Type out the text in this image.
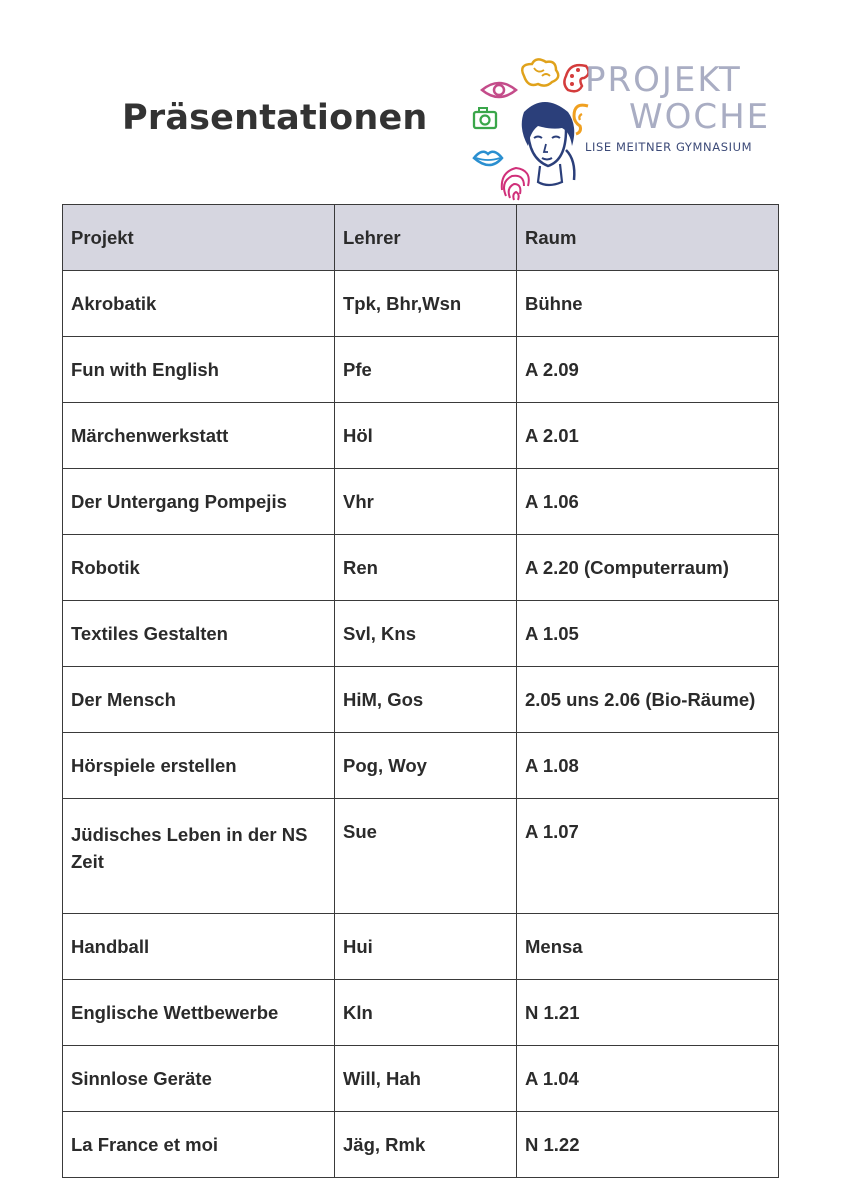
Präsentationen
PROJEKT
WOCHE
LISE MEITNER GYMNASIUM
Projekt	Lehrer	Raum
Akrobatik	Tpk, Bhr,Wsn	Bühne
Fun with English	Pfe	A 2.09
Märchenwerkstatt	Höl	A 2.01
Der Untergang Pompejis	Vhr	A 1.06
Robotik	Ren	A 2.20 (Computerraum)
Textiles Gestalten	Svl, Kns	A 1.05
Der Mensch	HiM, Gos	2.05 uns 2.06 (Bio-Räume)
Hörspiele erstellen	Pog, Woy	A 1.08
Jüdisches Leben in der NS Zeit	Sue	A 1.07
Handball	Hui	Mensa
Englische Wettbewerbe	Kln	N 1.21
Sinnlose Geräte	Will, Hah	A 1.04
La France et moi	Jäg, Rmk	N 1.22
